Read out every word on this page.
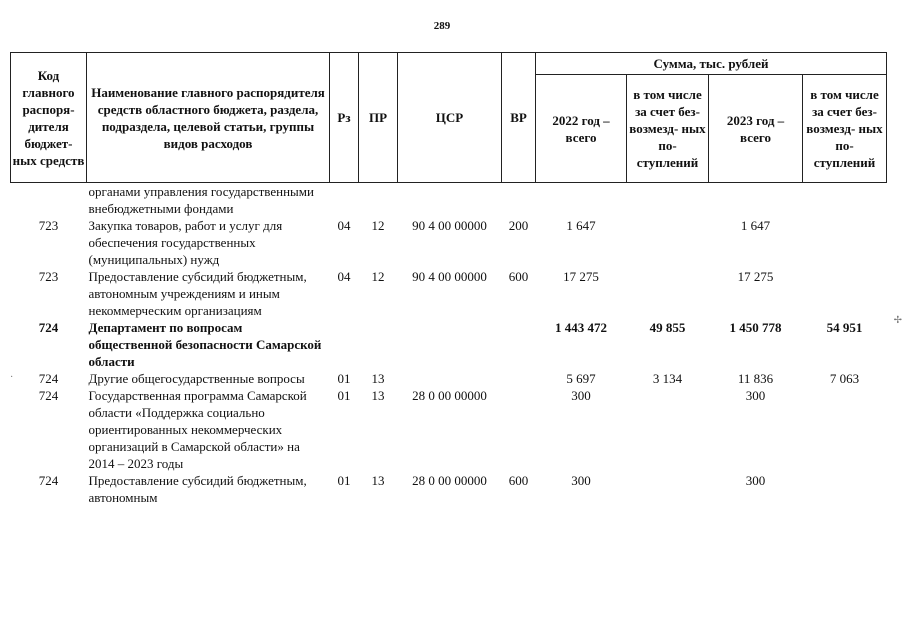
289
Код главного распоря- дителя бюджет- ных средств	Наименование главного распорядителя средств областного бюджета, раздела, подраздела, целевой статьи, группы видов расходов	Рз	ПР	ЦСР	ВР	Сумма, тыс. рублей			
						2022 год – всего	в том числе за счет без- возмезд- ных по- ступлений	2023 год – всего	в том числе за счет без- возмезд- ных по- ступлений
	органами управления государственными внебюджетными фондами								
723	Закупка товаров, работ и услуг для обеспечения государственных (муниципальных) нужд	04	12	90 4 00 00000	200	1 647		1 647	
723	Предоставление субсидий бюджетным, автономным учреждениям и иным некоммерческим организациям	04	12	90 4 00 00000	600	17 275		17 275	
724	Департамент по вопросам общественной безопасности Самарской области					1 443 472	49 855	1 450 778	54 951
724	Другие общегосударственные вопросы	01	13			5 697	3 134	11 836	7 063
724	Государственная программа Самарской области «Поддержка социально ориентированных некоммерческих организаций в Самарской области» на 2014 – 2023 годы	01	13	28 0 00 00000		300		300	
724	Предоставление субсидий бюджетным, автономным	01	13	28 0 00 00000	600	300		300	
✢
·
